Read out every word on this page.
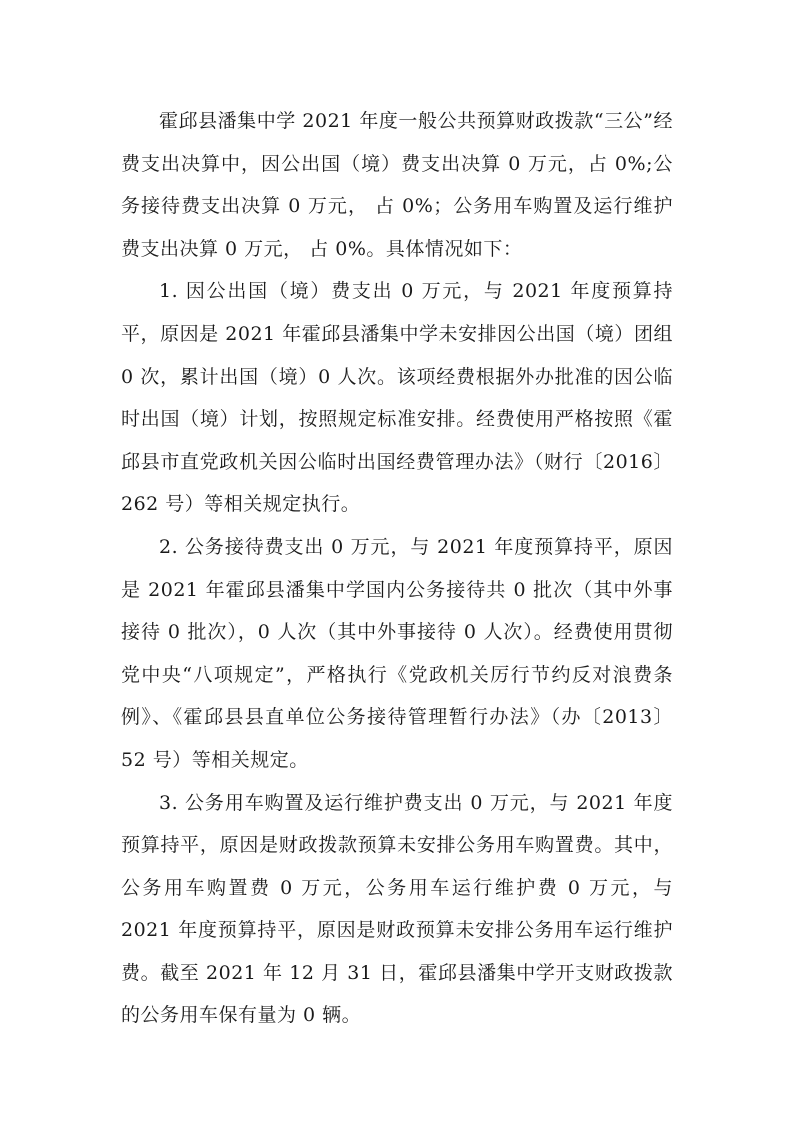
霍邱县潘集中学 2021 年度一般公共预算财政拨款“三公”经费支出决算中，因公出国（境）费支出决算 0 万元，占 0%;公务接待费支出决算 0 万元， 占 0%；公务用车购置及运行维护费支出决算 0 万元， 占 0%。具体情况如下：

1. 因公出国（境）费支出 0 万元，与 2021 年度预算持平，原因是 2021 年霍邱县潘集中学未安排因公出国（境）团组 0 次，累计出国（境）0 人次。该项经费根据外办批准的因公临时出国（境）计划，按照规定标准安排。经费使用严格按照《霍邱县市直党政机关因公临时出国经费管理办法》（财行〔2016〕262 号）等相关规定执行。

2. 公务接待费支出 0 万元，与 2021 年度预算持平，原因是 2021 年霍邱县潘集中学国内公务接待共 0 批次（其中外事接待 0 批次），0 人次（其中外事接待 0 人次）。经费使用贯彻党中央“八项规定”，严格执行《党政机关厉行节约反对浪费条例》、《霍邱县县直单位公务接待管理暂行办法》（办〔2013〕52 号）等相关规定。

3. 公务用车购置及运行维护费支出 0 万元，与 2021 年度预算持平，原因是财政拨款预算未安排公务用车购置费。其中，公务用车购置费 0 万元，公务用车运行维护费 0 万元，与 2021 年度预算持平，原因是财政预算未安排公务用车运行维护费。截至 2021 年 12 月 31 日，霍邱县潘集中学开支财政拨款的公务用车保有量为 0 辆。
